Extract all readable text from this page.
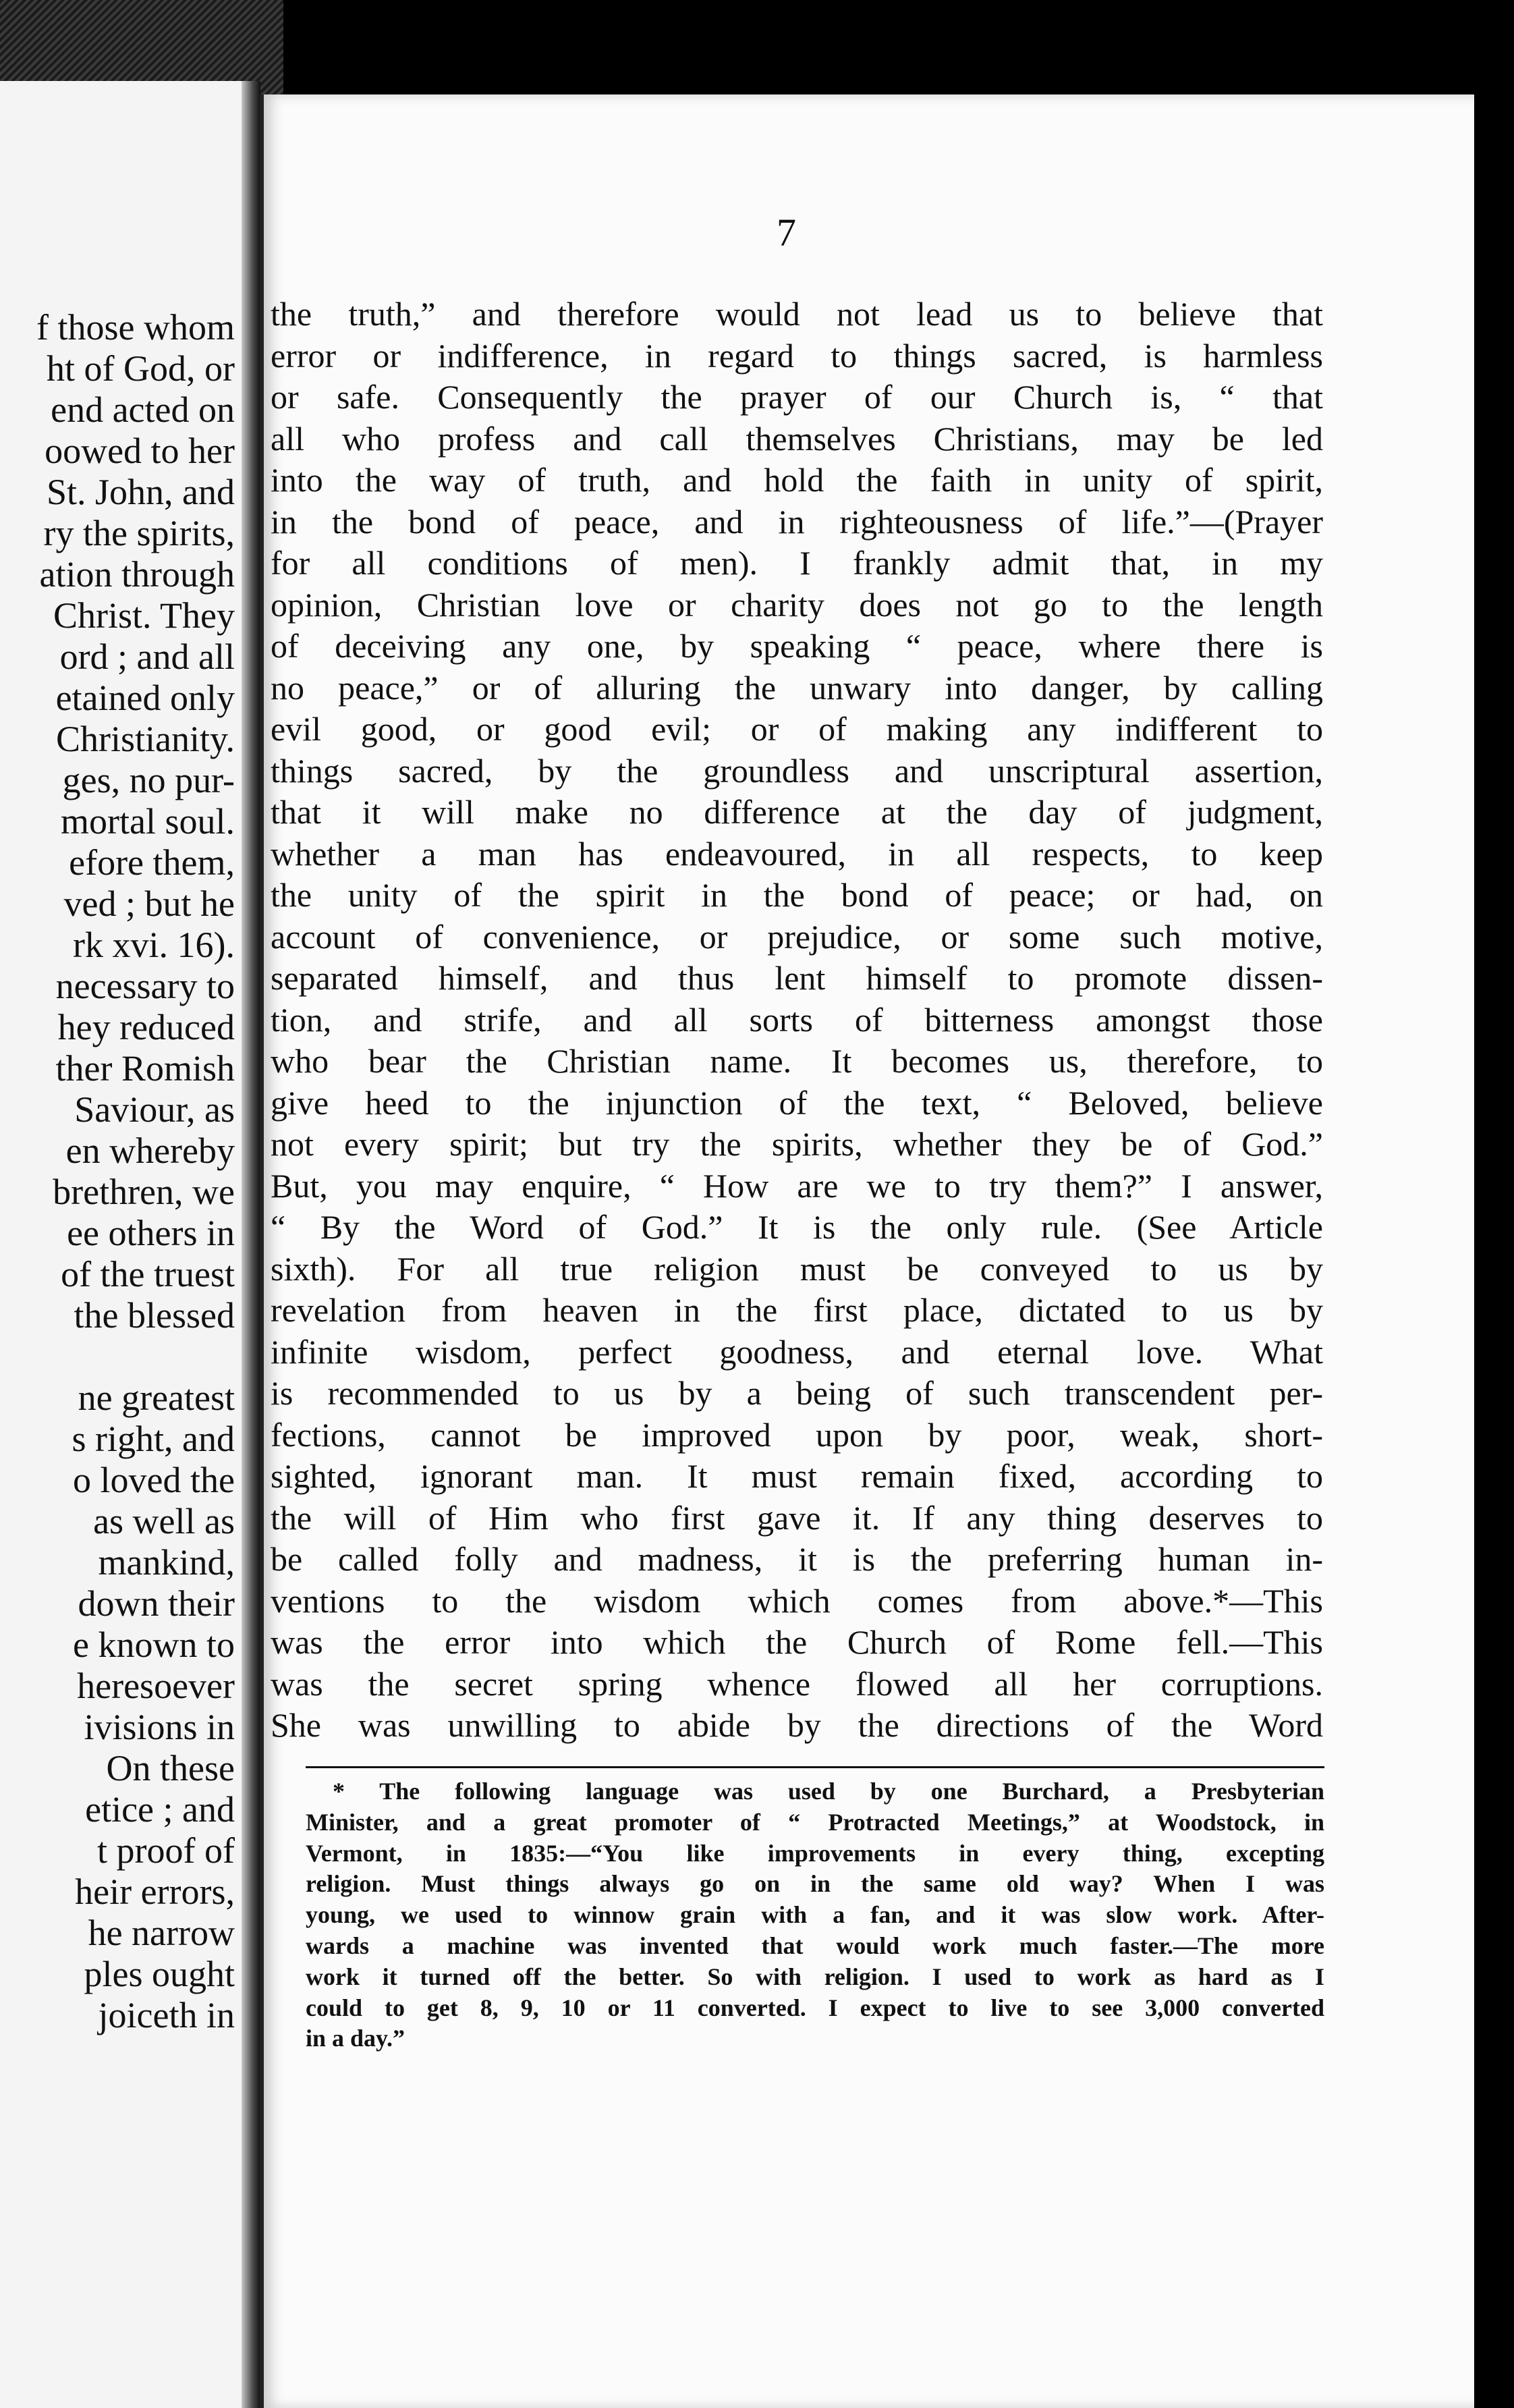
f those whom

ht of God, or

end acted on

oowed to her

St. John, and

ry the spirits,

ation through

Christ. They

ord ; and all

etained only

Christianity.

ges, no pur-

mortal soul.

efore them,

ved ; but he

rk xvi. 16).

necessary to

hey reduced

ther Romish

Saviour, as

en whereby

brethren, we

ee others in

of the truest

the blessed

ne greatest

s right, and

o loved the

as well as

mankind,

down their

e known to

heresoever

ivisions in

On these

etice ; and

t proof of

heir errors,

he narrow

ples ought

joiceth in

7

the truth,” and therefore would not lead us to believe that
error or indifference, in regard to things sacred, is harmless
or safe. Consequently the prayer of our Church is, “ that
all who profess and call themselves Christians, may be led
into the way of truth, and hold the faith in unity of spirit,
in the bond of peace, and in righteousness of life.”—(Prayer
for all conditions of men). I frankly admit that, in my
opinion, Christian love or charity does not go to the length
of deceiving any one, by speaking “ peace, where there is
no peace,” or of alluring the unwary into danger, by calling
evil good, or good evil; or of making any indifferent to
things sacred, by the groundless and unscriptural assertion,
that it will make no difference at the day of judgment,
whether a man has endeavoured, in all respects, to keep
the unity of the spirit in the bond of peace; or had, on
account of convenience, or prejudice, or some such motive,
separated himself, and thus lent himself to promote dissen-
tion, and strife, and all sorts of bitterness amongst those
who bear the Christian name. It becomes us, therefore, to
give heed to the injunction of the text, “ Beloved, believe
not every spirit; but try the spirits, whether they be of God.”
But, you may enquire, “ How are we to try them?” I answer,
“ By the Word of God.” It is the only rule. (See Article
sixth). For all true religion must be conveyed to us by
revelation from heaven in the first place, dictated to us by
infinite wisdom, perfect goodness, and eternal love. What
is recommended to us by a being of such transcendent per-
fections, cannot be improved upon by poor, weak, short-
sighted, ignorant man. It must remain fixed, according to
the will of Him who first gave it. If any thing deserves to
be called folly and madness, it is the preferring human in-
ventions to the wisdom which comes from above.*—This
was the error into which the Church of Rome fell.—This
was the secret spring whence flowed all her corruptions.
She was unwilling to abide by the directions of the Word
* The following language was used by one Burchard, a Presbyterian
Minister, and a great promoter of “ Protracted Meetings,” at Woodstock, in
Vermont, in 1835:—“You like improvements in every thing, excepting
religion. Must things always go on in the same old way? When I was
young, we used to winnow grain with a fan, and it was slow work. After-
wards a machine was invented that would work much faster.—The more
work it turned off the better. So with religion. I used to work as hard as I
could to get 8, 9, 10 or 11 converted. I expect to live to see 3,000 converted
in a day.”
